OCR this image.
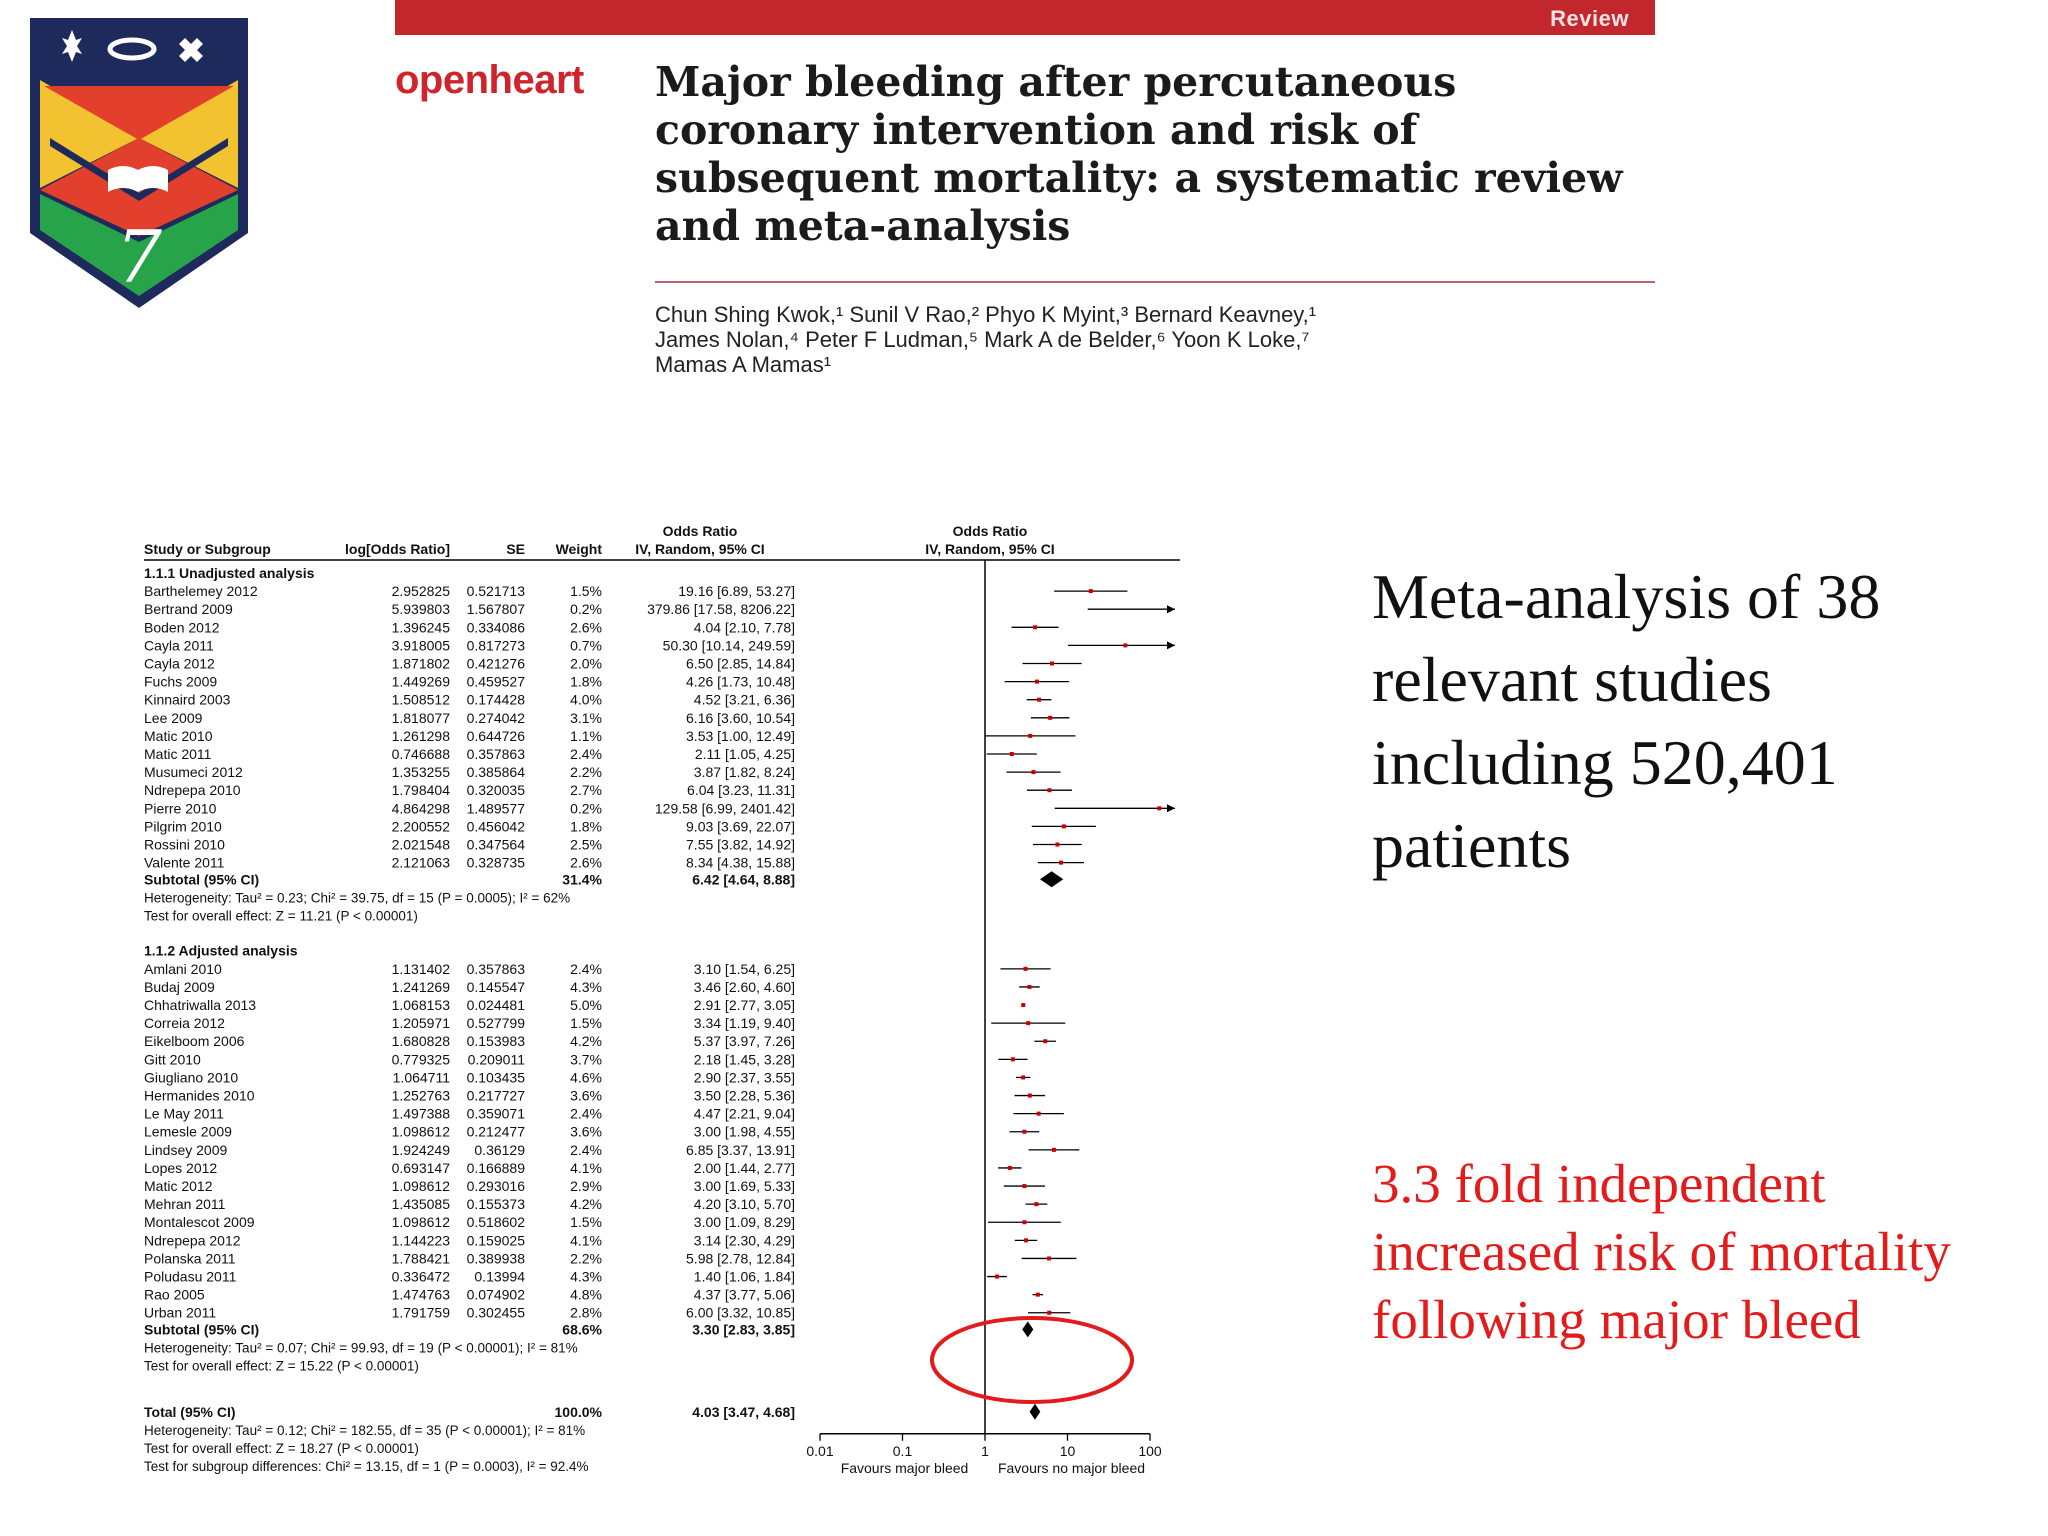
7
Review
openheart Major bleeding after percutaneous coronary intervention and risk of subsequent mortality: a systematic review and meta-analysis
Chun Shing Kwok,¹ Sunil V Rao,² Phyo K Myint,³ Bernard Keavney,¹
James Nolan,⁴ Peter F Ludman,⁵ Mark A de Belder,⁶ Yoon K Loke,⁷
Mamas A Mamas¹
Odds Ratio
IV, Random, 95% CI
Odds Ratio
IV, Random, 95% CI
Study or Subgroup	log[Odds Ratio]	SE Weight
1.1.1 Unadjusted analysis
Barthelemey 2012	2.952825 0.521713	1.5%	19.16 [6.89, 53.27]
Bertrand 2009	5.939803 1.567807	0.2%	379.86 [17.58, 8206.22]
Boden 2012	1.396245 0.334086	2.6%	4.04 [2.10, 7.78]
Cayla 2011	3.918005 0.817273	0.7%	50.30 [10.14, 249.59]
Cayla 2012	1.871802 0.421276	2.0%	6.50 [2.85, 14.84]
Fuchs 2009	1.449269 0.459527	1.8%	4.26 [1.73, 10.48]
Kinnaird 2003	1.508512 0.174428	4.0%	4.52 [3.21, 6.36]
Lee 2009	1.818077 0.274042	3.1%	6.16 [3.60, 10.54]
Matic 2010	1.261298 0.644726	1.1%	3.53 [1.00, 12.49]
Matic 2011	0.746688 0.357863	2.4%	2.11 [1.05, 4.25]
Musumeci 2012	1.353255 0.385864	2.2%	3.87 [1.82, 8.24]
Ndrepepa 2010	1.798404 0.320035	2.7%	6.04 [3.23, 11.31]
Pierre 2010	4.864298 1.489577	0.2%	129.58 [6.99, 2401.42]
Pilgrim 2010	2.200552 0.456042	1.8%	9.03 [3.69, 22.07]
Rossini 2010	2.021548 0.347564	2.5%	7.55 [3.82, 14.92]
Valente 2011	2.121063 0.328735	2.6%	8.34 [4.38, 15.88]
Subtotal (95% CI)	31.4%	6.42 [4.64, 8.88]
Heterogeneity: Tau² = 0.23; Chi² = 39.75, df = 15 (P = 0.0005); I² = 62%
Test for overall effect: Z = 11.21 (P < 0.00001)
1.1.2 Adjusted analysis
Amlani 2010	1.131402 0.357863	2.4%	3.10 [1.54, 6.25]
Budaj 2009	1.241269 0.145547	4.3%	3.46 [2.60, 4.60]
Chhatriwalla 2013	1.068153 0.024481	5.0%	2.91 [2.77, 3.05]
Correia 2012	1.205971 0.527799	1.5%	3.34 [1.19, 9.40]
Eikelboom 2006	1.680828 0.153983	4.2%	5.37 [3.97, 7.26]
Gitt 2010	0.779325 0.209011	3.7%	2.18 [1.45, 3.28]
Giugliano 2010	1.064711 0.103435	4.6%	2.90 [2.37, 3.55]
Hermanides 2010	1.252763 0.217727	3.6%	3.50 [2.28, 5.36]
Le May 2011	1.497388 0.359071	2.4%	4.47 [2.21, 9.04]
Lemesle 2009	1.098612 0.212477	3.6%	3.00 [1.98, 4.55]
Lindsey 2009	1.924249 0.36129	2.4%	6.85 [3.37, 13.91]
Lopes 2012	0.693147 0.166889	4.1%	2.00 [1.44, 2.77]
Matic 2012	1.098612 0.293016	2.9%	3.00 [1.69, 5.33]
Mehran 2011	1.435085 0.155373	4.2%	4.20 [3.10, 5.70]
Montalescot 2009	1.098612 0.518602	1.5%	3.00 [1.09, 8.29]
Ndrepepa 2012	1.144223 0.159025	4.1%	3.14 [2.30, 4.29]
Polanska 2011	1.788421 0.389938	2.2%	5.98 [2.78, 12.84]
Poludasu 2011	0.336472 0.13994	4.3%	1.40 [1.06, 1.84]
Rao 2005	1.474763 0.074902	4.8%	4.37 [3.77, 5.06]
Urban 2011	1.791759 0.302455	2.8%	6.00 [3.32, 10.85]
Subtotal (95% CI)	68.6%	3.30 [2.83, 3.85]
Heterogeneity: Tau² = 0.07; Chi² = 99.93, df = 19 (P < 0.00001); I² = 81%
Test for overall effect: Z = 15.22 (P < 0.00001)
Total (95% CI)	100.0%	4.03 [3.47, 4.68]
Heterogeneity: Tau² = 0.12; Chi² = 182.55, df = 35 (P < 0.00001); I² = 81%
Test for overall effect: Z = 18.27 (P < 0.00001)
Test for subgroup differences: Chi² = 13.15, df = 1 (P = 0.0003), I² = 92.4%
0.01	0.1	1	10	100
Favours major bleed Favours no major bleed
Meta-analysis of 38 relevant studies including 520,401 patients
3.3 fold independent increased risk of mortality following major bleed
